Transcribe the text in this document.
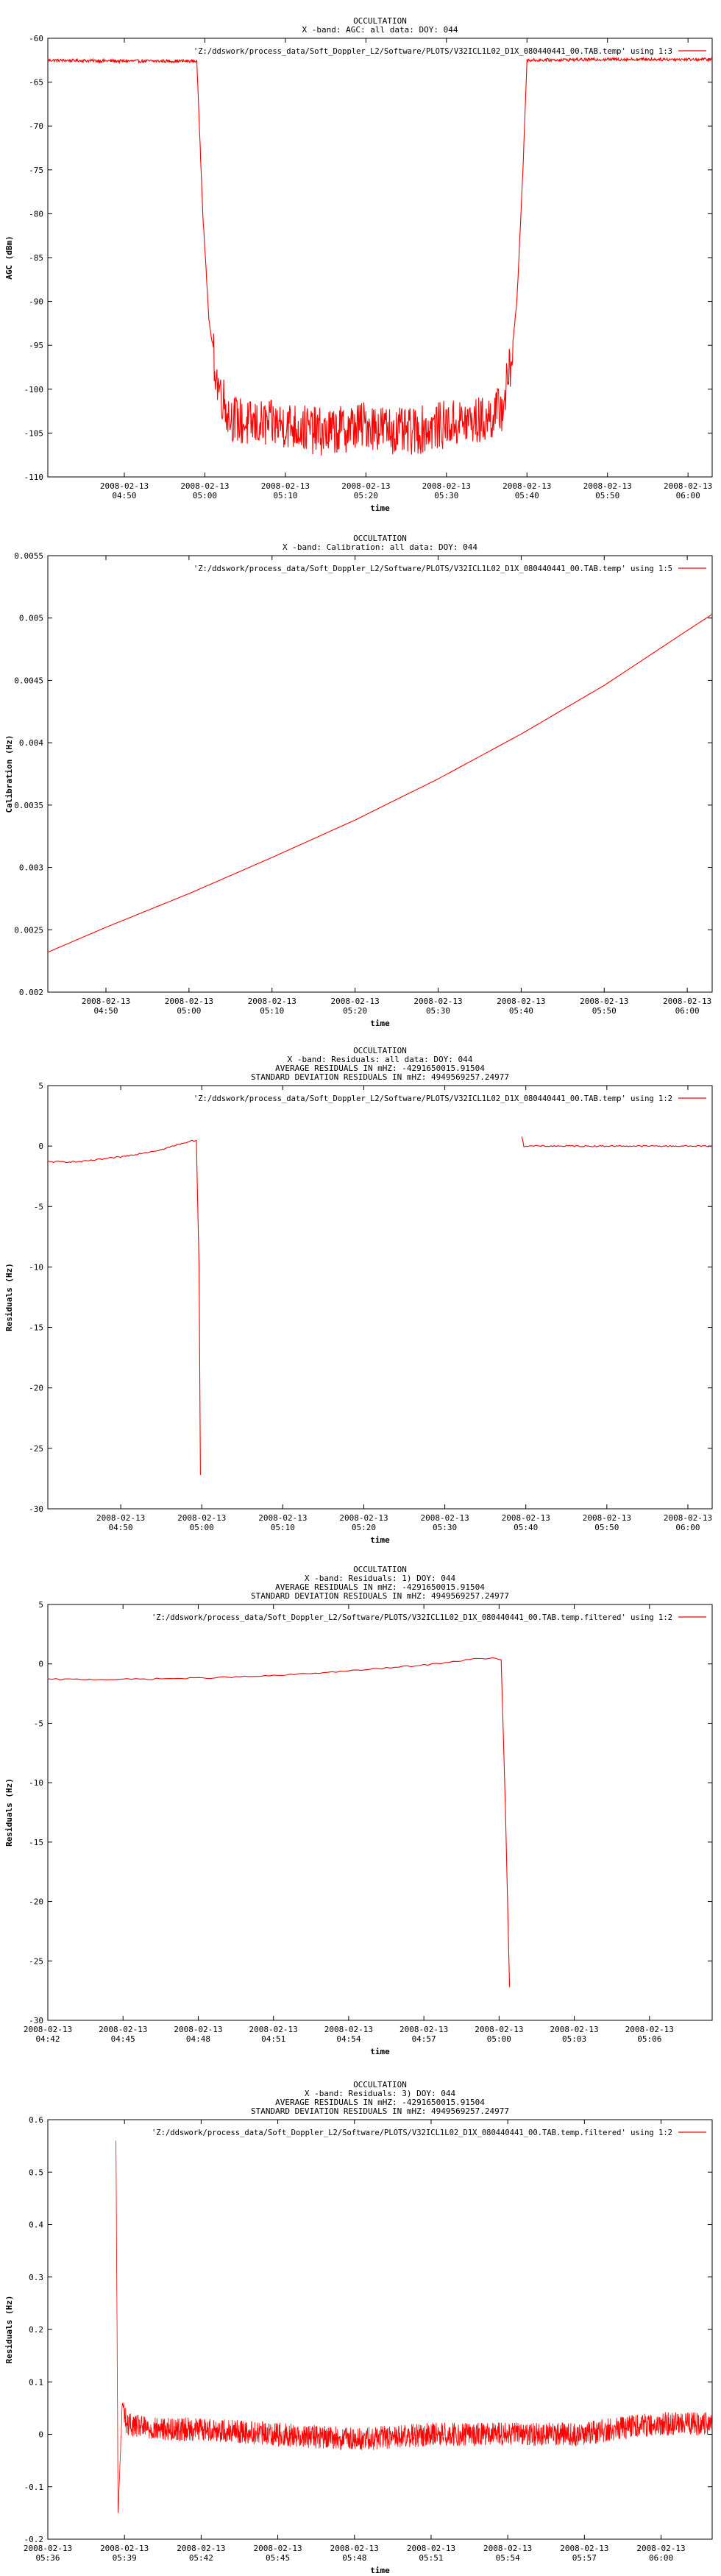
OCCULTATION
X -band: AGC: all data: DOY: 044
-60
-65
-70
-75
-80
-85
-90
-95
-100
-105
-110
2008-02-13
04:50
2008-02-13
05:00
2008-02-13
05:10
2008-02-13
05:20
2008-02-13
05:30
2008-02-13
05:40
2008-02-13
05:50
2008-02-13
06:00
time
AGC (dBm)
'Z:/ddswork/process_data/Soft_Doppler_L2/Software/PLOTS/V32ICL1L02_D1X_080440441_00.TAB.temp' using 1:3
OCCULTATION
X -band: Calibration: all data: DOY: 044
0.0055
0.005
0.0045
0.004
0.0035
0.003
0.0025
0.002
2008-02-13
04:50
2008-02-13
05:00
2008-02-13
05:10
2008-02-13
05:20
2008-02-13
05:30
2008-02-13
05:40
2008-02-13
05:50
2008-02-13
06:00
time
Calibration (Hz)
'Z:/ddswork/process_data/Soft_Doppler_L2/Software/PLOTS/V32ICL1L02_D1X_080440441_00.TAB.temp' using 1:5
OCCULTATION
X -band: Residuals: all data: DOY: 044
AVERAGE RESIDUALS IN mHZ: -4291650015.91504
STANDARD DEVIATION RESIDUALS IN mHZ: 4949569257.24977
5
0
-5
-10
-15
-20
-25
-30
2008-02-13
04:50
2008-02-13
05:00
2008-02-13
05:10
2008-02-13
05:20
2008-02-13
05:30
2008-02-13
05:40
2008-02-13
05:50
2008-02-13
06:00
time
Residuals (Hz)
'Z:/ddswork/process_data/Soft_Doppler_L2/Software/PLOTS/V32ICL1L02_D1X_080440441_00.TAB.temp' using 1:2
OCCULTATION
X -band: Residuals: 1) DOY: 044
AVERAGE RESIDUALS IN mHZ: -4291650015.91504
STANDARD DEVIATION RESIDUALS IN mHZ: 4949569257.24977
5
0
-5
-10
-15
-20
-25
-30
2008-02-13
04:42
2008-02-13
04:45
2008-02-13
04:48
2008-02-13
04:51
2008-02-13
04:54
2008-02-13
04:57
2008-02-13
05:00
2008-02-13
05:03
2008-02-13
05:06
time
Residuals (Hz)
'Z:/ddswork/process_data/Soft_Doppler_L2/Software/PLOTS/V32ICL1L02_D1X_080440441_00.TAB.temp.filtered' using 1:2
OCCULTATION
X -band: Residuals: 3) DOY: 044
AVERAGE RESIDUALS IN mHZ: -4291650015.91504
STANDARD DEVIATION RESIDUALS IN mHZ: 4949569257.24977
0.6
0.5
0.4
0.3
0.2
0.1
0
-0.1
-0.2
2008-02-13
05:36
2008-02-13
05:39
2008-02-13
05:42
2008-02-13
05:45
2008-02-13
05:48
2008-02-13
05:51
2008-02-13
05:54
2008-02-13
05:57
2008-02-13
06:00
time
Residuals (Hz)
'Z:/ddswork/process_data/Soft_Doppler_L2/Software/PLOTS/V32ICL1L02_D1X_080440441_00.TAB.temp.filtered' using 1:2
